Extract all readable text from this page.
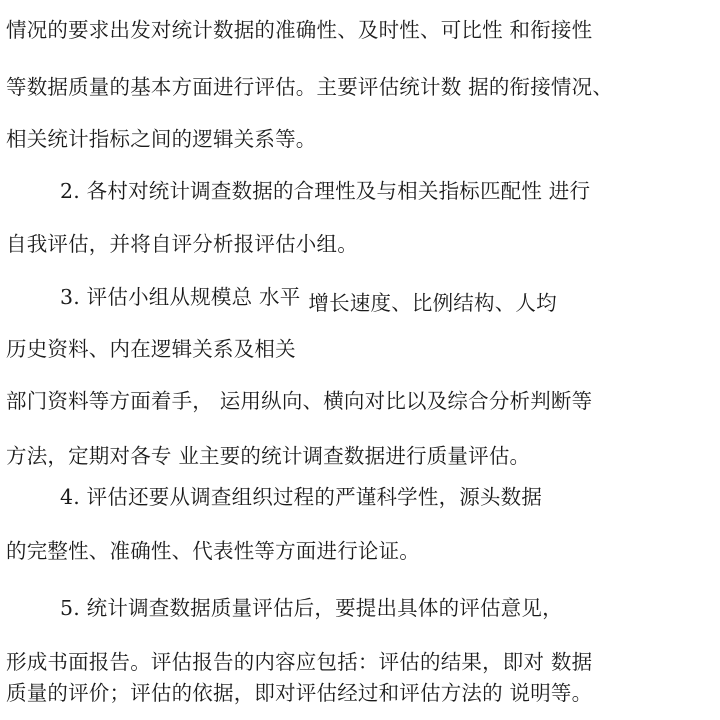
情况的要求出发对统计数据的准确性、及时性、可比性 和衔接性
等数据质量的基本方面进行评估。主要评估统计数 据的衔接情况、
相关统计指标之间的逻辑关系等。
2. 各村对统计调查数据的合理性及与相关指标匹配性 进行
自我评估，并将自评分析报评估小组。
3. 评估小组从规模总 水平 增长速度、比例结构、人均
历史资料、内在逻辑关系及相关
部门资料等方面着手， 运用纵向、横向对比以及综合分析判断等
方法，定期对各专 业主要的统计调查数据进行质量评估。
4. 评估还要从调查组织过程的严谨科学性，源头数据
的完整性、准确性、代表性等方面进行论证。
5. 统计调查数据质量评估后，要提出具体的评估意见，
形成书面报告。评估报告的内容应包括：评估的结果，即对 数据
质量的评价；评估的依据，即对评估经过和评估方法的 说明等。
